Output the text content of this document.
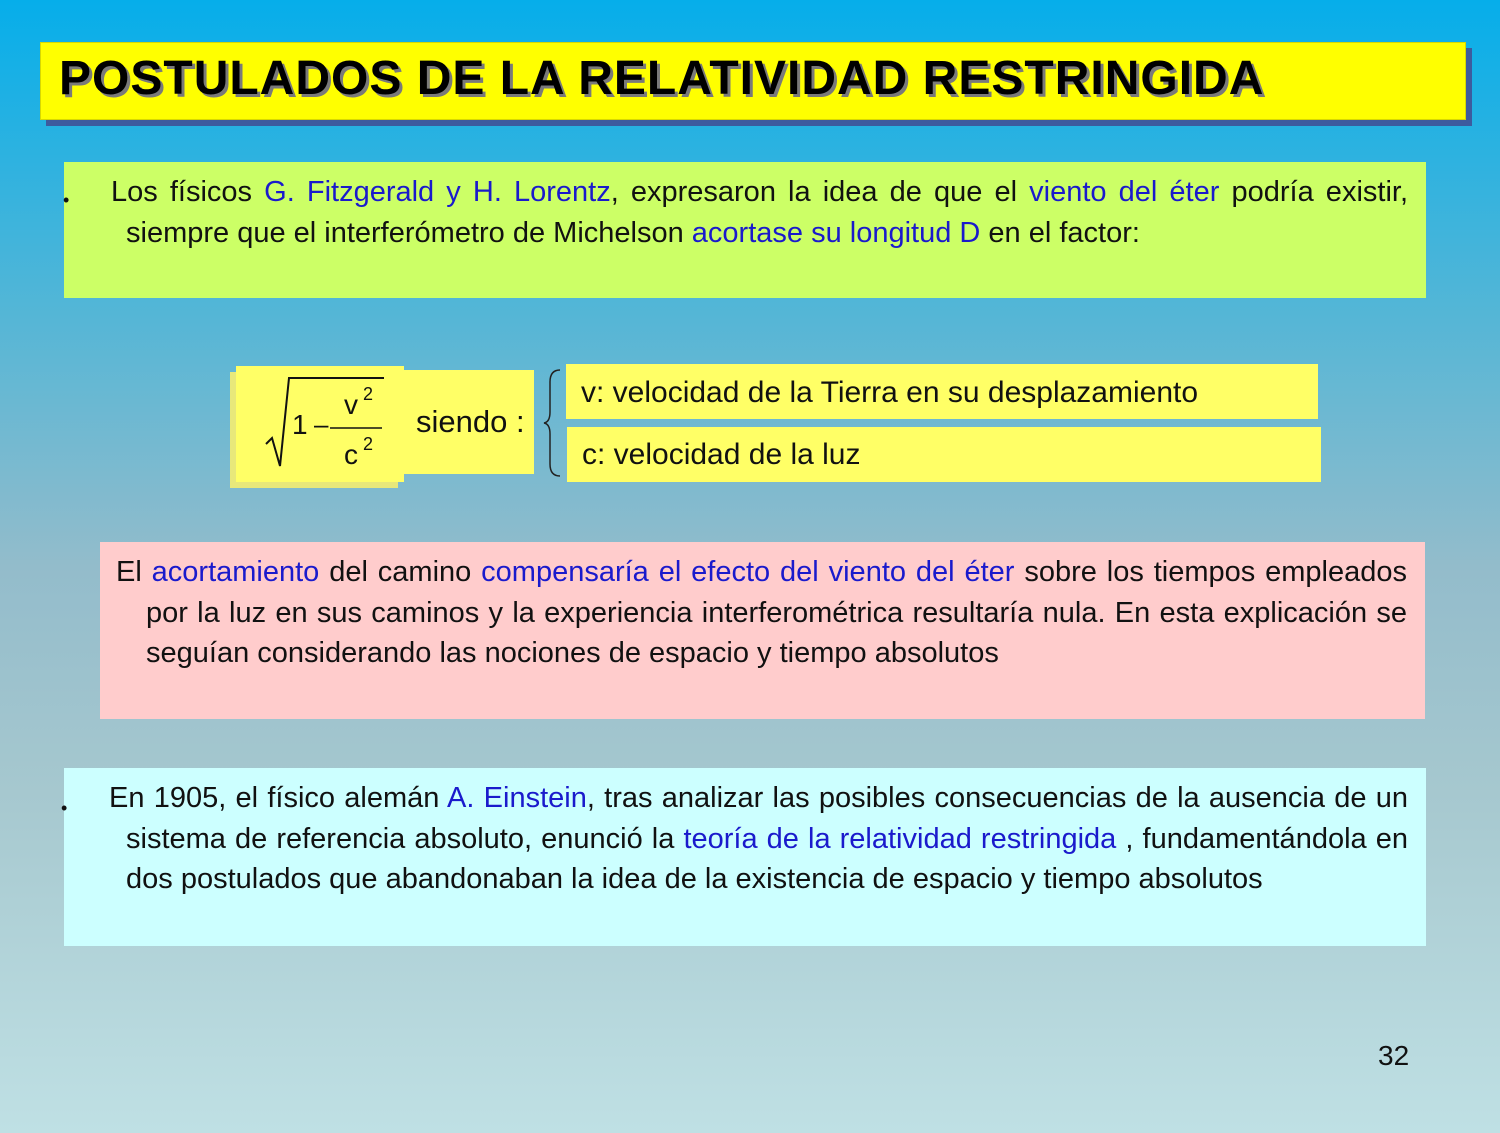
POSTULADOS DE LA RELATIVIDAD RESTRINGIDA
• Los físicos G. Fitzgerald y H. Lorentz, expresaron la idea de que el viento del éter podría existir, siempre que el interferómetro de Michelson acortase su longitud D en el factor:
1 –
v 2
c 2
siendo :
v: velocidad de la Tierra en su desplazamiento
c: velocidad de la luz
El acortamiento del camino compensaría el efecto del viento del éter sobre los tiempos empleados por la luz en sus caminos y la experiencia interferométrica resultaría nula. En esta explicación se seguían considerando las nociones de espacio y tiempo absolutos
•	En 1905, el físico alemán A. Einstein, tras analizar las posibles consecuencias de la ausencia de un sistema de referencia absoluto, enunció la teoría de la relatividad restringida , fundamentándola en dos postulados que abandonaban la idea de la existencia de espacio y tiempo absolutos
32
